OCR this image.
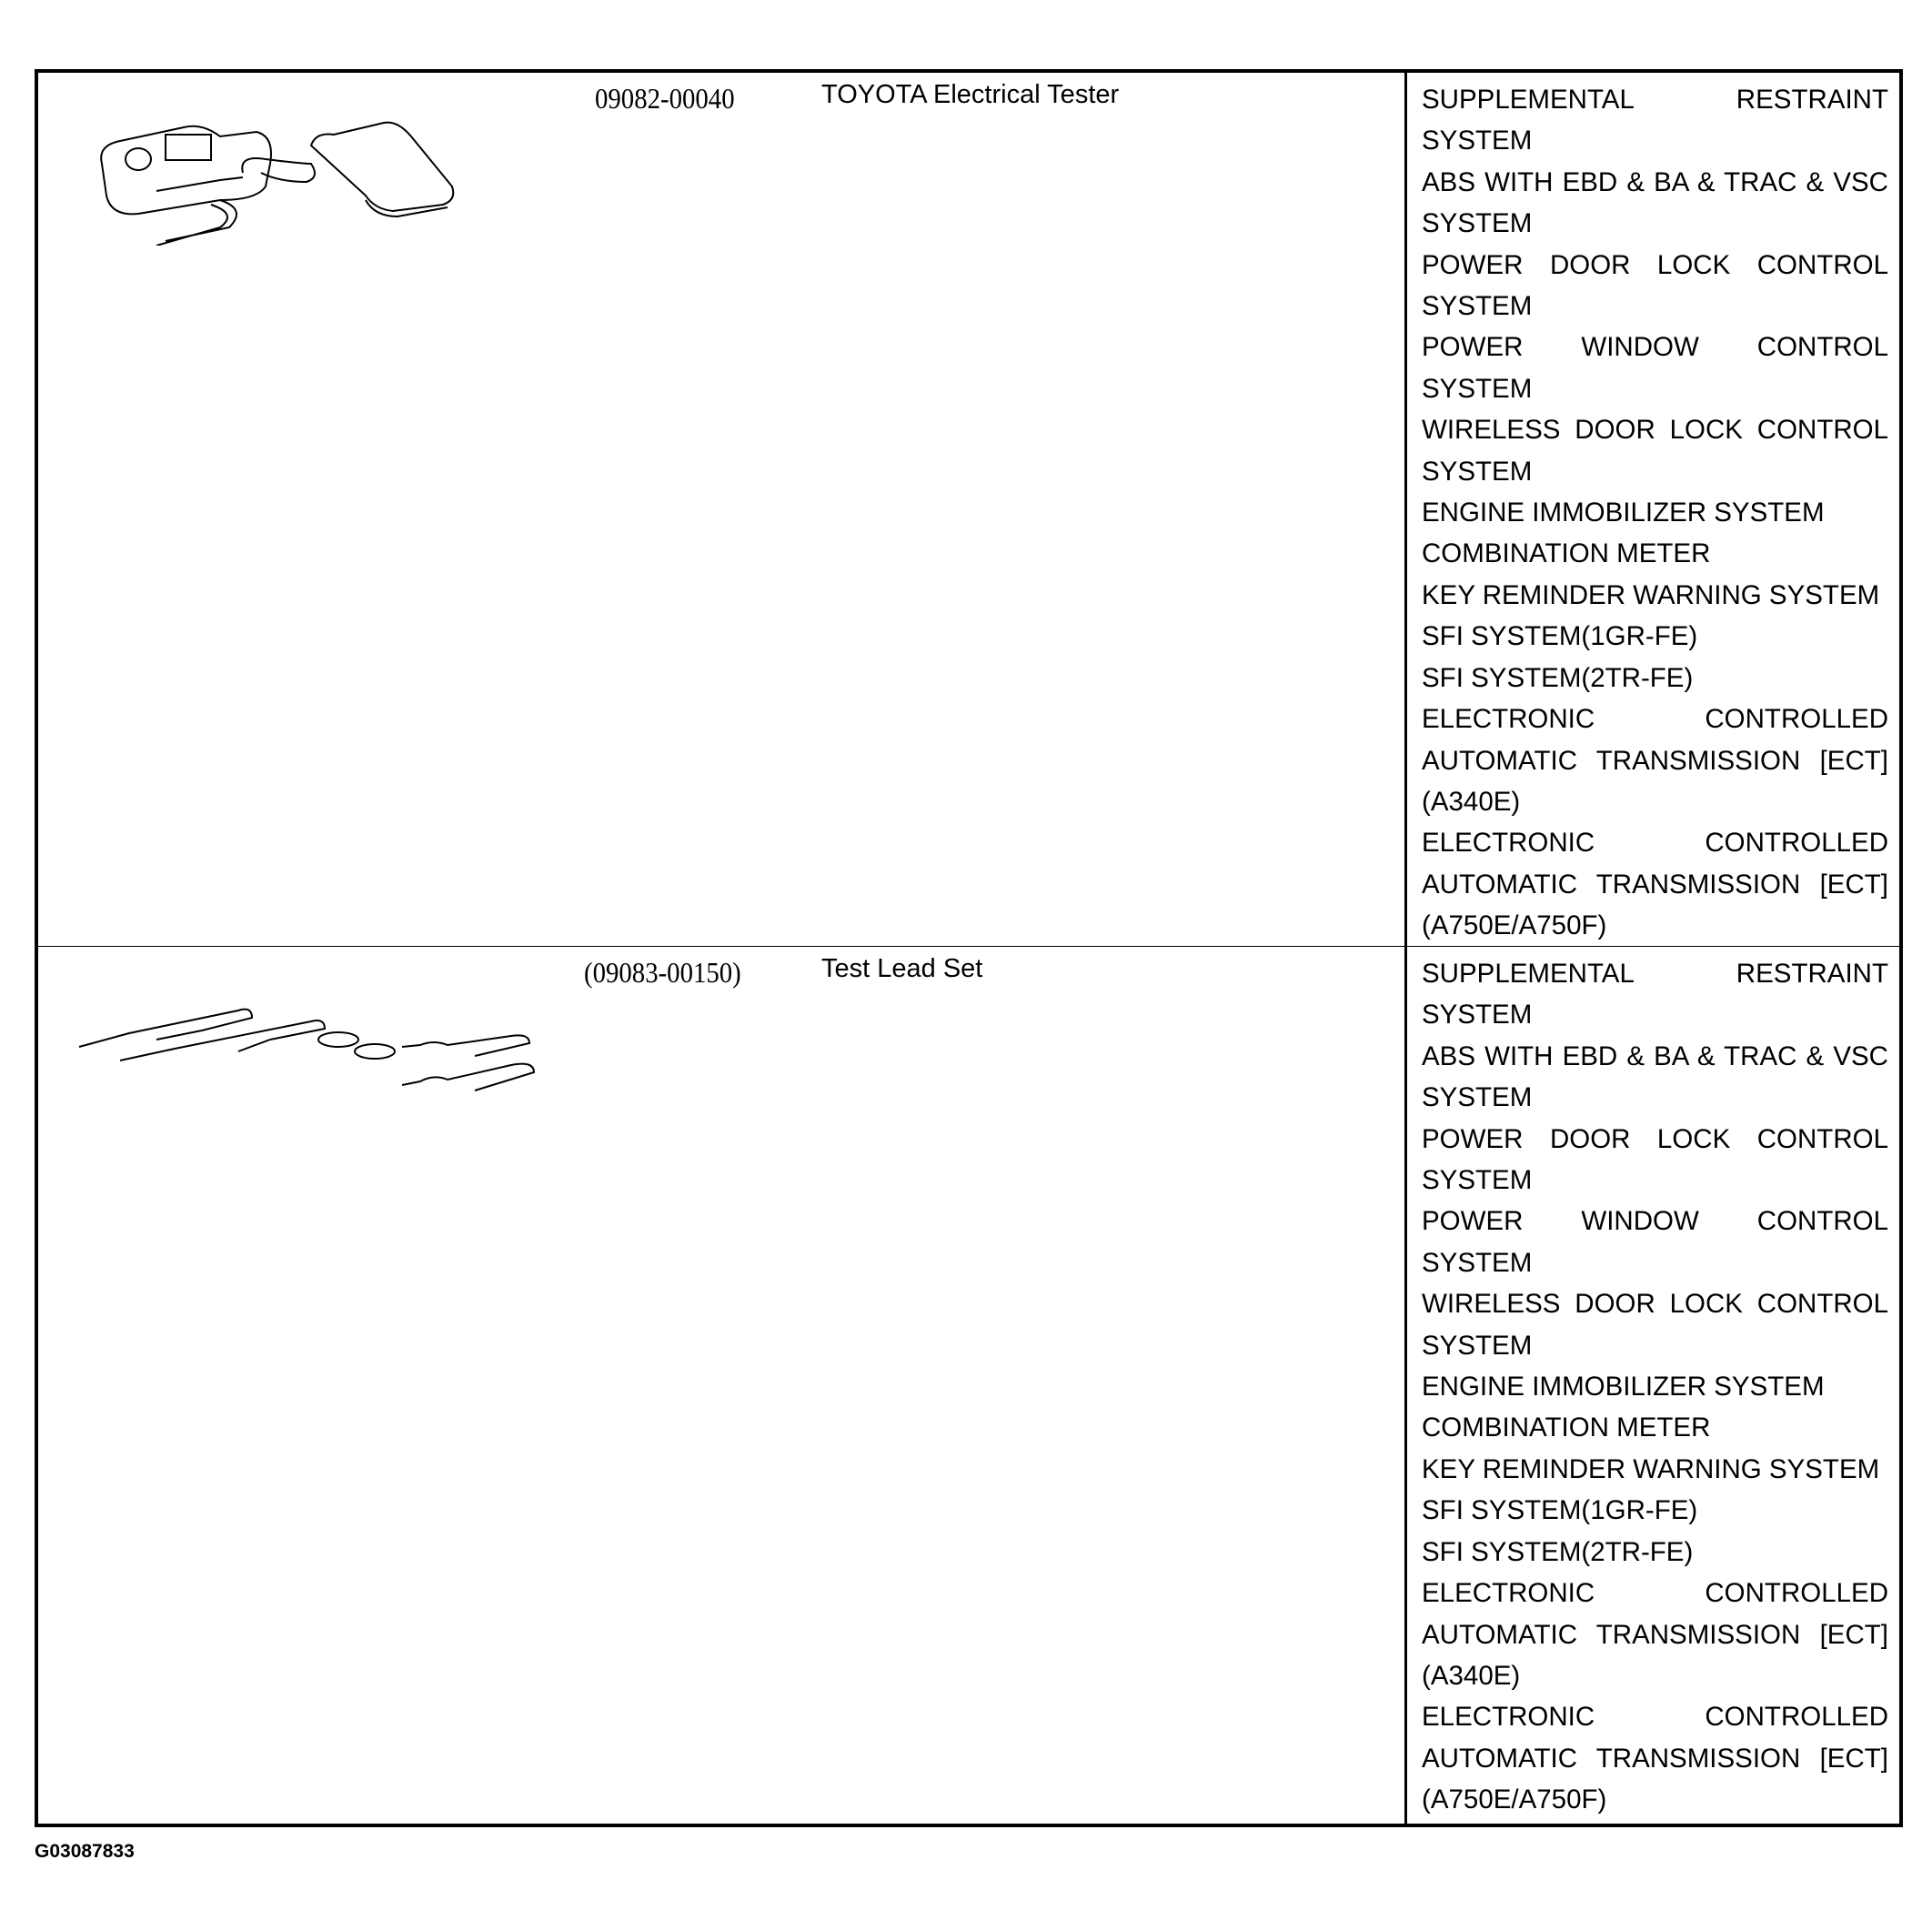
09082-00040	TOYOTA Electrical Tester	SUPPLEMENTAL RESTRAINT SYSTEM
ABS WITH EBD & BA & TRAC & VSC SYSTEM
POWER DOOR LOCK CONTROL SYSTEM
POWER WINDOW CONTROL SYSTEM
WIRELESS DOOR LOCK CONTROL SYSTEM
ENGINE IMMOBILIZER SYSTEM
COMBINATION METER
KEY REMINDER WARNING SYSTEM
SFI SYSTEM(1GR-FE)
SFI SYSTEM(2TR-FE)
ELECTRONIC CONTROLLED AUTOMATIC TRANSMISSION [ECT](A340E)
ELECTRONIC CONTROLLED AUTOMATIC TRANSMISSION [ECT](A750E/A750F)
(09083-00150)	Test Lead Set	SUPPLEMENTAL RESTRAINT SYSTEM
ABS WITH EBD & BA & TRAC & VSC SYSTEM
POWER DOOR LOCK CONTROL SYSTEM
POWER WINDOW CONTROL SYSTEM
WIRELESS DOOR LOCK CONTROL SYSTEM
ENGINE IMMOBILIZER SYSTEM
COMBINATION METER
KEY REMINDER WARNING SYSTEM
SFI SYSTEM(1GR-FE)
SFI SYSTEM(2TR-FE)
ELECTRONIC CONTROLLED AUTOMATIC TRANSMISSION [ECT](A340E)
ELECTRONIC CONTROLLED AUTOMATIC TRANSMISSION [ECT](A750E/A750F)
G03087833
